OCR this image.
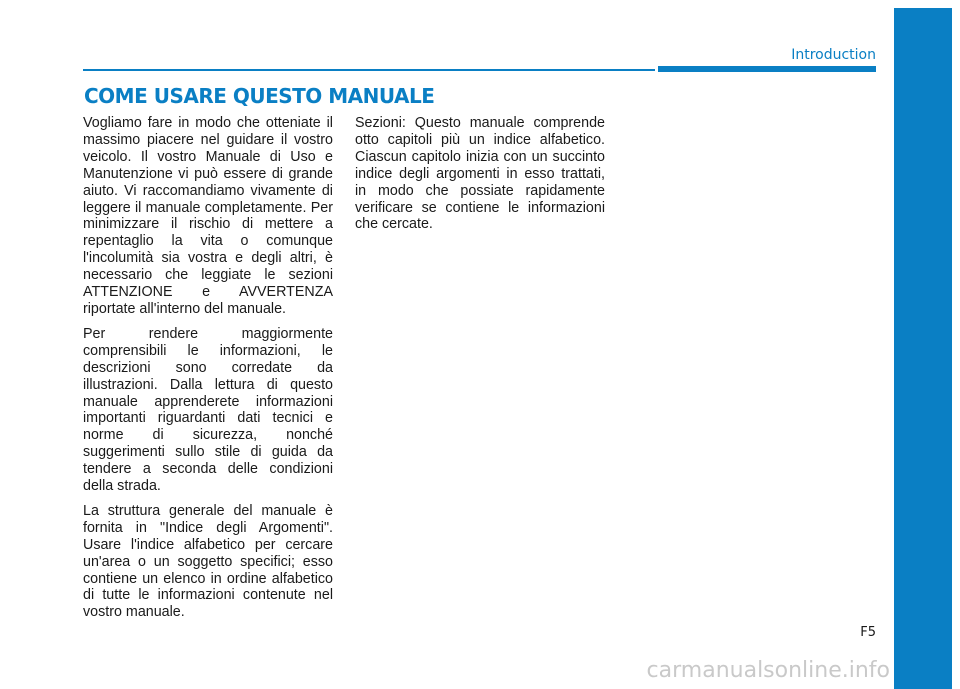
Introduction
COME USARE QUESTO MANUALE

Vogliamo fare in modo che otteniate il massimo piacere nel guidare il vostro veicolo. Il vostro Manuale di Uso e Manutenzione vi può essere di grande aiuto. Vi raccomandiamo vivamente di leggere il manuale completamente. Per minimizzare il rischio di mettere a repentaglio la vita o comunque l'incolumità sia vostra e degli altri, è necessario che leggiate le sezioni ATTENZIONE e AVVERTENZA riportate all'interno del manuale.

Per rendere maggiormente comprensibili le informazioni, le descrizioni sono corredate da illustrazioni. Dalla lettura di questo manuale apprenderete informazioni importanti riguardanti dati tecnici e norme di sicurezza, nonché suggerimenti sullo stile di guida da tendere a seconda delle condizioni della strada.

La struttura generale del manuale è fornita in "Indice degli Argomenti". Usare l'indice alfabetico per cercare un'area o un soggetto specifici; esso contiene un elenco in ordine alfabetico di tutte le informazioni contenute nel vostro manuale.

Sezioni: Questo manuale comprende otto capitoli più un indice alfabetico. Ciascun capitolo inizia con un succinto indice degli argomenti in esso trattati, in modo che possiate rapidamente verificare se contiene le informazioni che cercate.

F5
carmanualsonline.info
